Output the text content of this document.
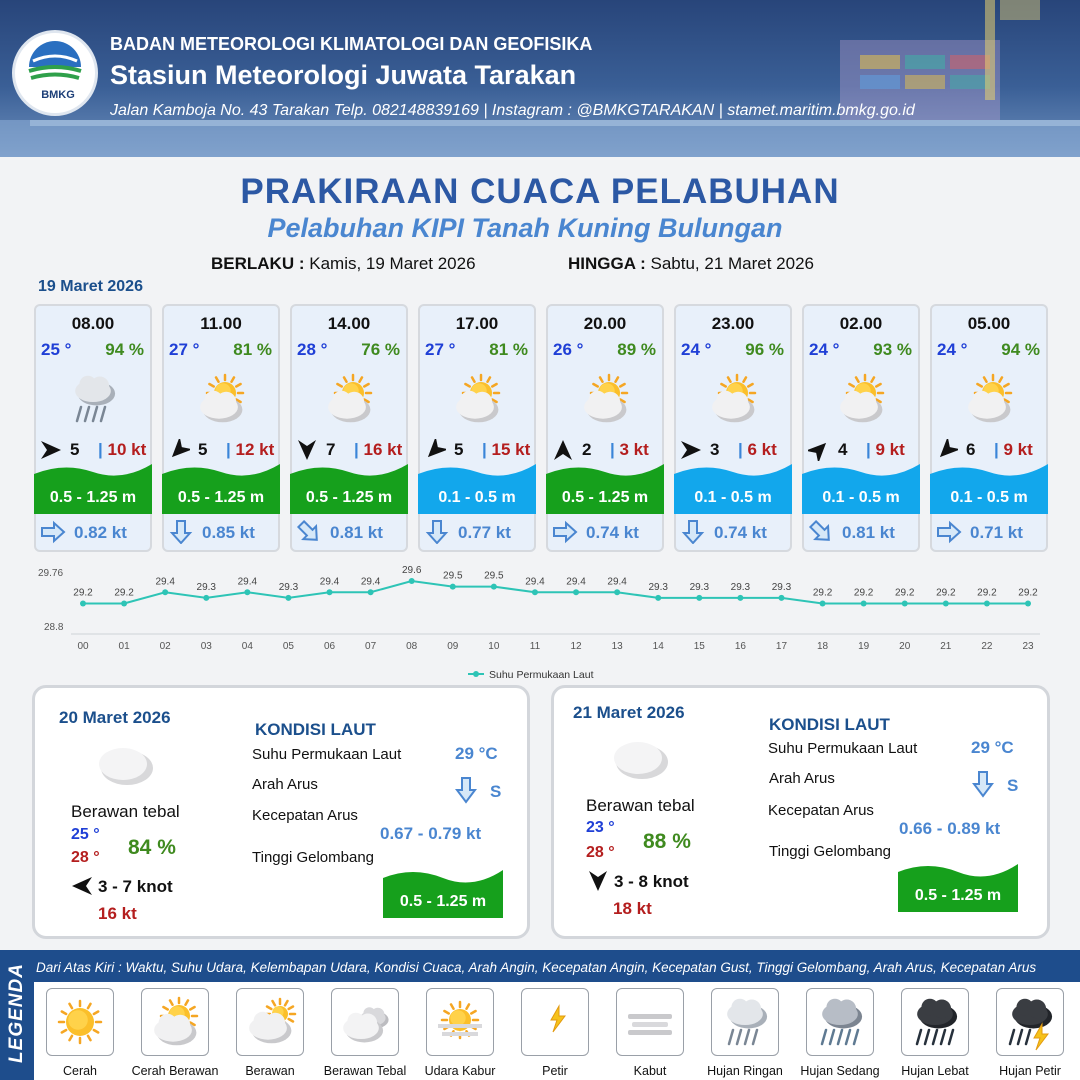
BMKG
BADAN METEOROLOGI KLIMATOLOGI DAN GEOFISIKA
Stasiun Meteorologi Juwata Tarakan
Jalan Kamboja No. 43 Tarakan Telp. 082148839169 | Instagram : @BMKGTARAKAN | stamet.maritim.bmkg.go.id
PRAKIRAAN CUACA PELABUHAN
Pelabuhan KIPI Tanah Kuning Bulungan
BERLAKU : Kamis, 19 Maret 2026	HINGGA : Sabtu, 21 Maret 2026
19 Maret 2026
08.00
25 ° 94 %
5 | 10 kt
0.5 - 1.25 m
0.82 kt
11.00
27 ° 81 %
5 | 12 kt
0.5 - 1.25 m
0.85 kt
14.00
28 ° 76 %
7 | 16 kt
0.5 - 1.25 m
0.81 kt
17.00
27 ° 81 %
5 | 15 kt
0.1 - 0.5 m
0.77 kt
20.00
26 ° 89 %
2 | 3 kt
0.5 - 1.25 m
0.74 kt
23.00
24 ° 96 %
3 | 6 kt
0.1 - 0.5 m
0.74 kt
02.00
24 ° 93 %
4 | 9 kt
0.1 - 0.5 m
0.81 kt
05.00
24 ° 94 %
6 | 9 kt
0.1 - 0.5 m
0.71 kt
29.76
28.8
29.2
00
29.2
01
29.4
02
29.3
03
29.4
04
29.3
05
29.4
06
29.4
07
29.6
08
29.5
09
29.5
10
29.4
11
29.4
12
29.4
13
29.3
14
29.3
15
29.3
16
29.3
17
29.2
18
29.2
19
29.2
20
29.2
21
29.2
22
29.2
23
Suhu Permukaan Laut
20 Maret 2026
Berawan tebal
25 °
28 ° 84 %
3 - 7 knot
16 kt
KONDISI LAUT
Suhu Permukaan Laut	29 °C
Arah Arus	S
Kecepatan Arus
0.67 - 0.79 kt
Tinggi Gelombang
0.5 - 1.25 m
21 Maret 2026
Berawan tebal
23 °
28 ° 88 %
3 - 8 knot
18 kt
KONDISI LAUT
Suhu Permukaan Laut	29 °C
Arah Arus	S
Kecepatan Arus
0.66 - 0.89 kt
Tinggi Gelombang
0.5 - 1.25 m
LEGENDA Dari Atas Kiri : Waktu, Suhu Udara, Kelembapan Udara, Kondisi Cuaca, Arah Angin, Kecepatan Angin, Kecepatan Gust, Tinggi Gelombang, Arah Arus, Kecepatan Arus
Cerah	Cerah Berawan	Berawan	Berawan Tebal	Udara Kabur	Petir	Kabut	Hujan Ringan	Hujan Sedang	Hujan Lebat	Hujan Petir
